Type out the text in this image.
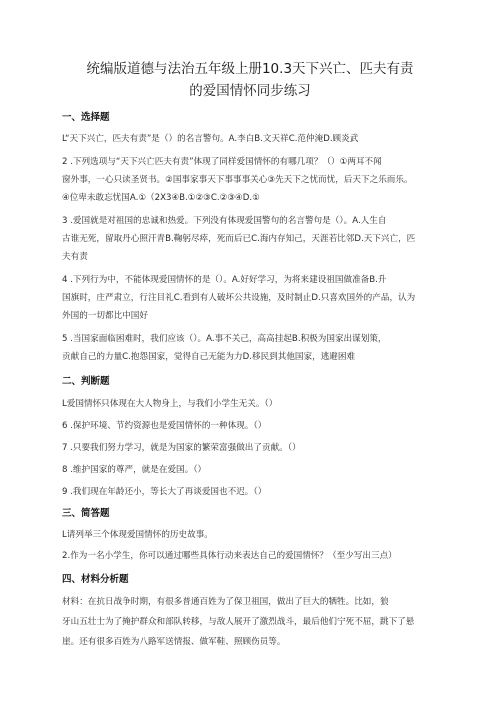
统编版道德与法治五年级上册10.3天下兴亡、匹夫有责
的爱国情怀同步练习
一、选择题
L“天下兴亡，匹夫有责”是（）的名言警句。A.李白B.文天祥C.范仲淹D.顾炎武
2 .下列选项与“天下兴亡匹夫有责”体现了同样爱国情怀的有哪几项？（）①两耳不闻
窗外事，一心只读圣贤书。②国事家事天下事事事关心③先天下之忧而忧，后天下之乐而乐。
④位卑未敢忘忧国A.①（2X3④B.①②③C.②③④D.①
3 .爱国就是对祖国的忠诚和热爱。下列没有体现爱国警句的名言警句是（）。A.人生自
古谁无死，留取丹心照汗青B.鞠躬尽瘁，死而后已C.海内存知己，天涯若比邻D.天下兴亡，匹
夫有责
4 .下列行为中，不能体现爱国情怀的是（）。A.好好学习，为将来建设祖国做准备B.升
国旗时，庄严肃立，行注目礼C.看到有人破坏公共设施，及时制止D.只喜欢国外的产品，认为
外国的一切都比中国好
5 .当国家面临困难时，我们应该（）。A.事不关己，高高挂起B.积极为国家出谋划策，
贡献自己的力量C.抱怨国家，觉得自己无能为力D.移民到其他国家，逃避困难
二、判断题
L爱国情怀只体现在大人物身上，与我们小学生无关。（）
6 .保护环境、节约资源也是爱国情怀的一种体现。（）
7 .只要我们努力学习，就是为国家的繁荣富强做出了贡献。（）
8 .维护国家的尊严，就是在爱国。（）
9 .我们现在年龄还小，等长大了再谈爱国也不迟。（）
三、简答题
L请列举三个体现爱国情怀的历史故事。
2.作为一名小学生，你可以通过哪些具体行动来表达自己的爱国情怀？（至少写出三点）
四、材料分析题
材料：在抗日战争时期，有很多普通百姓为了保卫祖国，做出了巨大的牺牲。比如，狼
牙山五壮士为了掩护群众和部队转移，与敌人展开了激烈战斗，最后他们宁死不屈，跳下了悬
崖。还有很多百姓为八路军送情报、做军鞋、照顾伤员等。
